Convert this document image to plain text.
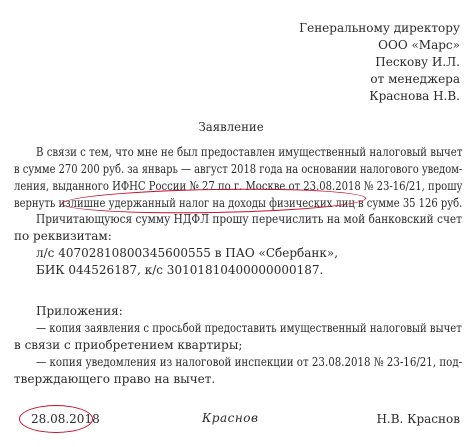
Генеральному директору
ООО «Марс»
Пескову И.Л.
от менеджера
Краснова Н.В.
Заявление
В связи с тем, что мне не был предоставлен имущественный налоговый вычет
в сумме 270 200 руб. за январь — август 2018 года на основании налогового уведом-
ления, выданного ИФНС России № 27 по г. Москве от 23.08.2018 № 23-16/21, прошу
вернуть излишне удержанный налог на доходы физических лиц в сумме 35 126 руб.
Причитающуюся сумму НДФЛ прошу перечислить на мой банковский счет
по реквизитам:
л/с 40702810800345600555 в ПАО «Сбербанк»,
БИК 044526187, к/с 30101810400000000187.
Приложения:
— копия заявления с просьбой предоставить имущественный налоговый вычет
в связи с приобретением квартиры;
— копия уведомления из налоговой инспекции от 23.08.2018 № 23-16/21, под-
тверждающего право на вычет.
28.08.2018	Краснов	Н.В. Краснов
